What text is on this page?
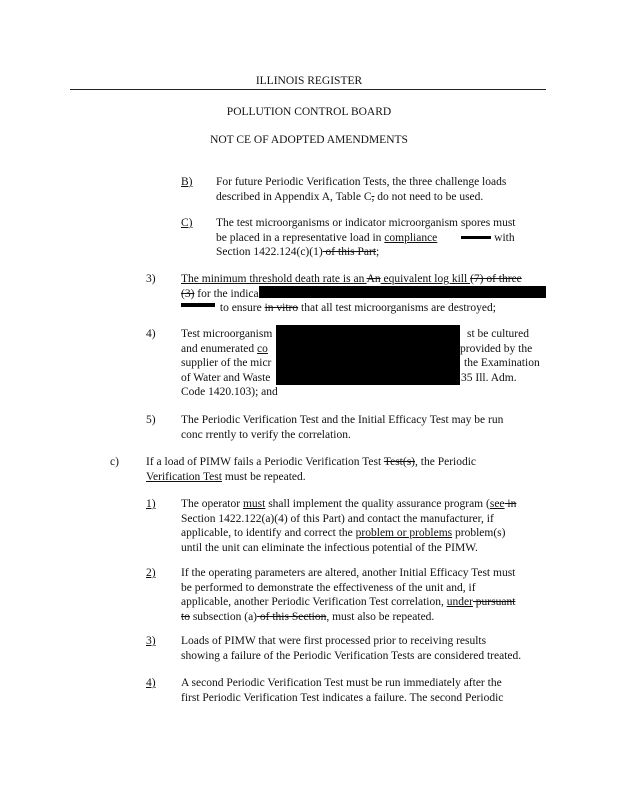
ILLINOIS REGISTER
POLLUTION CONTROL BOARD
NOT CE OF ADOPTED AMENDMENTS
B) For future Periodic Verification Tests, the three challenge loads
described in Appendix A, Table C, do not need to be used.
C) The test microorganisms or indicator microorganism spores must
be placed in a representative load in compliance	with
Section 1422.124(c)(1) of this Part;
3) The minimum threshold death rate is an An equivalent log kill (7) of three
(3) for the indica
to ensure in vitro that all test microorganisms are destroyed;
4) Test microorganism
and enumerated co
supplier of the micr
of Water and Waste
Code 1420.103); and
st be cultured
provided by the
the Examination
35 Ill. Adm.
5) The Periodic Verification Test and the Initial Efficacy Test may be run
conc rrently to verify the correlation.
c) If a load of PIMW fails a Periodic Verification Test Test(s), the Periodic
Verification Test must be repeated.
1) The operator must shall implement the quality assurance program (see in
Section 1422.122(a)(4) of this Part) and contact the manufacturer, if
applicable, to identify and correct the problem or problems problem(s)
until the unit can eliminate the infectious potential of the PIMW.
2) If the operating parameters are altered, another Initial Efficacy Test must
be performed to demonstrate the effectiveness of the unit and, if
applicable, another Periodic Verification Test correlation, under pursuant
to subsection (a) of this Section, must also be repeated.
3) Loads of PIMW that were first processed prior to receiving results
showing a failure of the Periodic Verification Tests are considered treated.
4) A second Periodic Verification Test must be run immediately after the
first Periodic Verification Test indicates a failure. The second Periodic
